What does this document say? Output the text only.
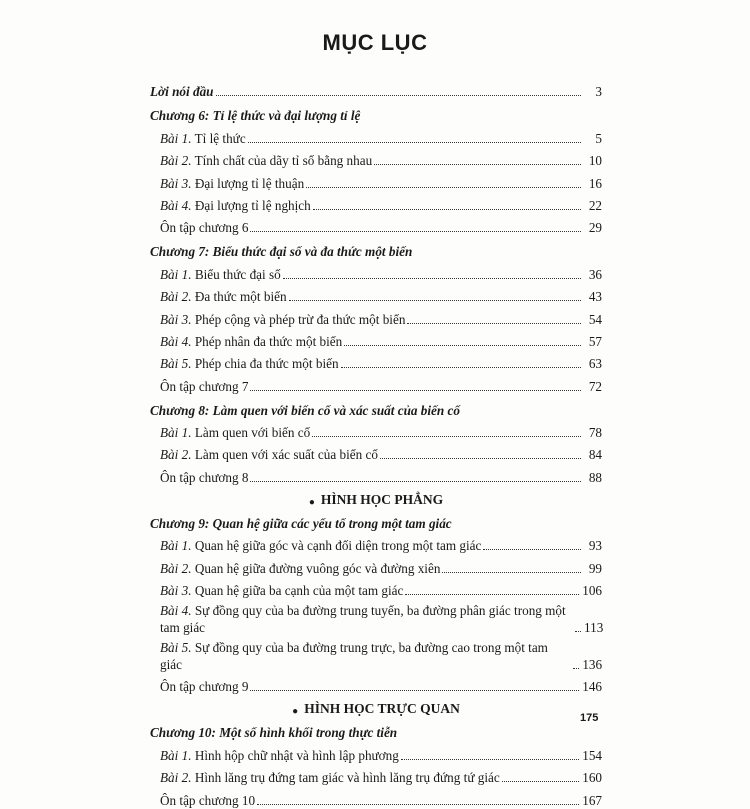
MỤC LỤC
Lời nói đầu	3
Chương 6: Tỉ lệ thức và đại lượng tỉ lệ
Bài 1. Tỉ lệ thức	5
Bài 2. Tính chất của dãy tỉ số bằng nhau	10
Bài 3. Đại lượng tỉ lệ thuận	16
Bài 4. Đại lượng tỉ lệ nghịch	22
Ôn tập chương 6	29
Chương 7: Biểu thức đại số và đa thức một biến
Bài 1. Biểu thức đại số	36
Bài 2. Đa thức một biến	43
Bài 3. Phép cộng và phép trừ đa thức một biến	54
Bài 4. Phép nhân đa thức một biến	57
Bài 5. Phép chia đa thức một biến	63
Ôn tập chương 7	72
Chương 8: Làm quen với biến cố và xác suất của biến cố
Bài 1. Làm quen với biến cố	78
Bài 2. Làm quen với xác suất của biến cố	84
Ôn tập chương 8	88
● HÌNH HỌC PHẲNG
Chương 9: Quan hệ giữa các yếu tố trong một tam giác
Bài 1. Quan hệ giữa góc và cạnh đối diện trong một tam giác	93
Bài 2. Quan hệ giữa đường vuông góc và đường xiên	99
Bài 3. Quan hệ giữa ba cạnh của một tam giác	106
Bài 4. Sự đồng quy của ba đường trung tuyến, ba đường phân giác trong một tam giác	113
Bài 5. Sự đồng quy của ba đường trung trực, ba đường cao trong một tam giác	136
Ôn tập chương 9	146
● HÌNH HỌC TRỰC QUAN
Chương 10: Một số hình khối trong thực tiễn
Bài 1. Hình hộp chữ nhật và hình lập phương	154
Bài 2. Hình lăng trụ đứng tam giác và hình lăng trụ đứng tứ giác	160
Ôn tập chương 10	167
175
